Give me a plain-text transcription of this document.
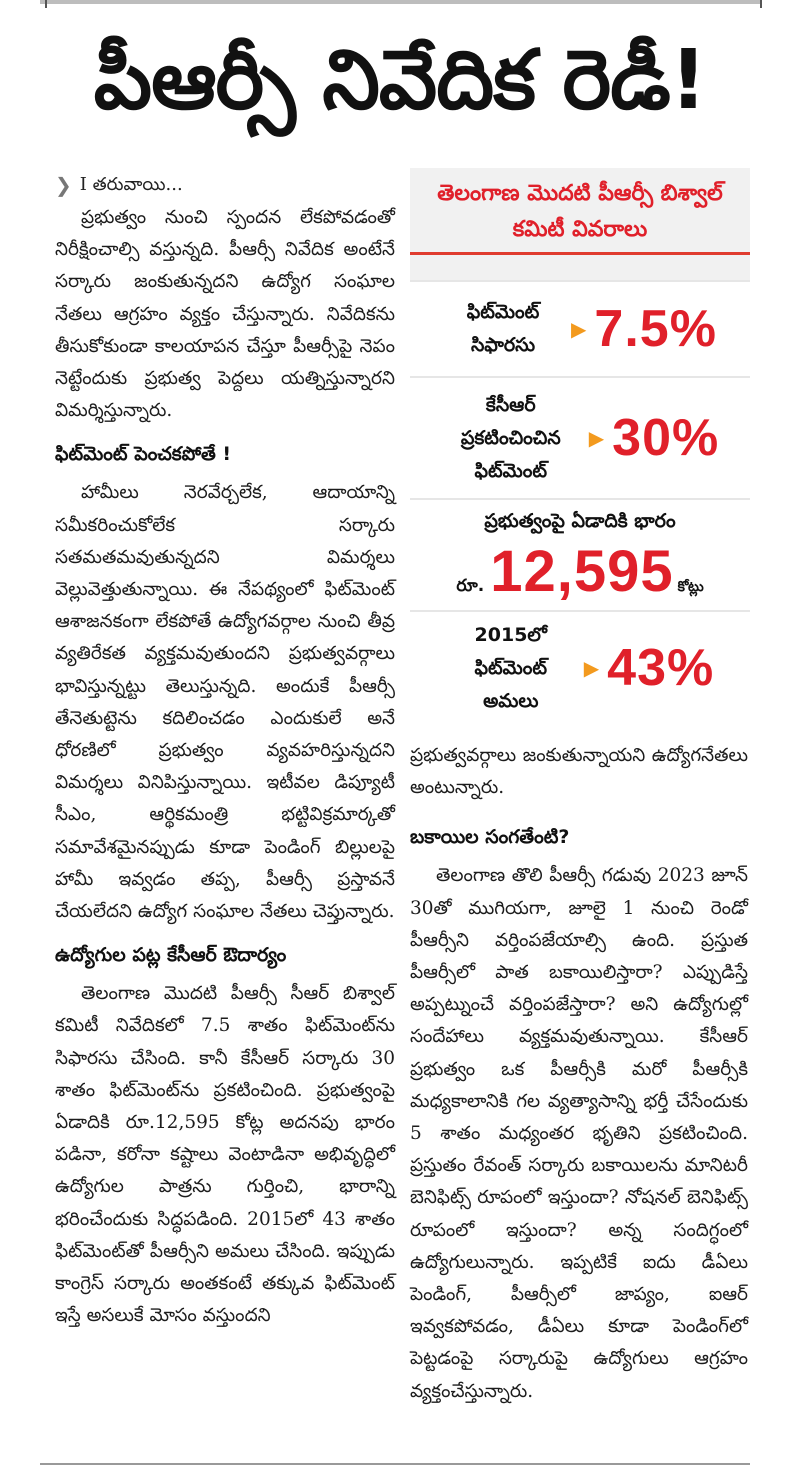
పీఆర్సీ నివేదిక రెడీ!
❯ I తరువాయి...

ప్రభుత్వం నుంచి స్పందన లేకపోవడంతో నిరీక్షించాల్సి వస్తున్నది. పీఆర్సీ నివేదిక అంటేనే సర్కారు జంకుతున్నదని ఉద్యోగ సంఘాల నేతలు ఆగ్రహం వ్యక్తం చేస్తున్నారు. నివేదికను తీసుకోకుండా కాలయాపన చేస్తూ పీఆర్సీపై నెపం నెట్టేందుకు ప్రభుత్వ పెద్దలు యత్నిస్తున్నారని విమర్శిస్తున్నారు.

ఫిట్‌మెంట్ పెంచకపోతే !

హామీలు నెరవేర్చలేక, ఆదాయాన్ని సమీకరించుకోలేక సర్కారు సతమతమవుతున్నదని విమర్శలు వెల్లువెత్తుతున్నాయి. ఈ నేపథ్యంలో ఫిట్‌మెంట్ ఆశాజనకంగా లేకపోతే ఉద్యోగవర్గాల నుంచి తీవ్ర వ్యతిరేకత వ్యక్తమవుతుందని ప్రభుత్వవర్గాలు భావిస్తున్నట్టు తెలుస్తున్నది. అందుకే పీఆర్సీ తేనెతుట్టెను కదిలించడం ఎందుకులే అనే ధోరణిలో ప్రభుత్వం వ్యవహరిస్తున్నదని విమర్శలు వినిపిస్తున్నాయి. ఇటీవల డిప్యూటీ సీఎం, ఆర్థికమంత్రి భట్టివిక్రమార్కతో సమావేశమైనప్పుడు కూడా పెండింగ్ బిల్లులపై హామీ ఇవ్వడం తప్ప, పీఆర్సీ ప్రస్తావనే చేయలేదని ఉద్యోగ సంఘాల నేతలు చెప్తున్నారు.

ఉద్యోగుల పట్ల కేసీఆర్ ఔదార్యం

తెలంగాణ మొదటి పీఆర్సీ సీఆర్ బిశ్వాల్ కమిటీ నివేదికలో 7.5 శాతం ఫిట్‌మెంట్‌ను సిఫారసు చేసింది. కానీ కేసీఆర్ సర్కారు 30 శాతం ఫిట్‌మెంట్‌ను ప్రకటించింది. ప్రభుత్వంపై ఏడాదికి రూ.12,595 కోట్ల అదనపు భారం పడినా, కరోనా కష్టాలు వెంటాడినా అభివృద్ధిలో ఉద్యోగుల పాత్రను గుర్తించి, భారాన్ని భరించేందుకు సిద్ధపడింది. 2015లో 43 శాతం ఫిట్‌మెంట్‌తో పీఆర్సీని అమలు చేసింది. ఇప్పుడు కాంగ్రెస్ సర్కారు అంతకంటే తక్కువ ఫిట్‌మెంట్ ఇస్తే అసలుకే మోసం వస్తుందని

తెలంగాణ మొదటి పీఆర్సీ బిశ్వాల్ కమిటీ వివరాలు
ఫిట్‌మెంట్ సిఫారసు
▶ 7.5%
కేసీఆర్ ప్రకటించించిన ఫిట్‌మెంట్
▶ 30%
ప్రభుత్వంపై ఏడాదికి భారం
రూ. 12,595 కోట్లు
2015లో ఫిట్‌మెంట్ అమలు
▶ 43%

ప్రభుత్వవర్గాలు జంకుతున్నాయని ఉద్యోగనేతలు అంటున్నారు.

బకాయిల సంగతేంటి?

తెలంగాణ తొలి పీఆర్సీ గడువు 2023 జూన్ 30తో ముగియగా, జూలై 1 నుంచి రెండో పీఆర్సీని వర్తింపజేయాల్సి ఉంది. ప్రస్తుత పీఆర్సీలో పాత బకాయిలిస్తారా? ఎప్పుడిస్తే అప్పట్నుంచే వర్తింపజేస్తారా? అని ఉద్యోగుల్లో సందేహాలు వ్యక్తమవుతున్నాయి. కేసీఆర్ ప్రభుత్వం ఒక పీఆర్సీకి మరో పీఆర్సీకి మధ్యకాలానికి గల వ్యత్యాసాన్ని భర్తీ చేసేందుకు 5 శాతం మధ్యంతర భృతిని ప్రకటించింది. ప్రస్తుతం రేవంత్ సర్కారు బకాయిలను మానిటరీ బెనిఫిట్స్ రూపంలో ఇస్తుందా? నోషనల్ బెనిఫిట్స్ రూపంలో ఇస్తుందా? అన్న సందిగ్ధంలో ఉద్యోగులున్నారు. ఇప్పటికే ఐదు డీఏలు పెండింగ్, పీఆర్సీలో జాప్యం, ఐఆర్ ఇవ్వకపోవడం, డీఏలు కూడా పెండింగ్‌లో పెట్టడంపై సర్కారుపై ఉద్యోగులు ఆగ్రహం వ్యక్తంచేస్తున్నారు.
